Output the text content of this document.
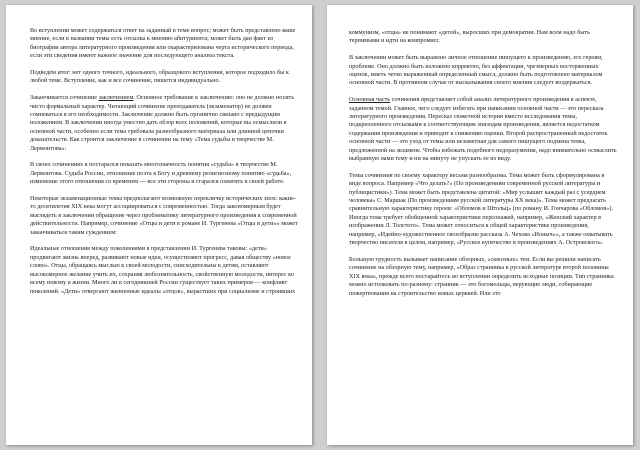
Во вступлении может содержаться ответ на заданный в теме вопрос; может быть представлено ваше мнение, если в названии темы есть отсылка к мнению абитуриента; может быть дан факт из биографии автора литературного произведения или охарактеризована черта исторического периода, если эти сведения имеют важное значение для последующего анализа текста.

Подведём итог: нет одного точного, идеального, образцового вступления, которое подходило бы к любой теме. Вступление, как и все сочинение, пишется индивидуально.

Заканчивается сочинение заключением. Основное требование к заключению: оно не должно носить чисто формальный характер. Читающий сочинение преподаватель (экзаменатор) не должен сомневаться в его необходимости. Заключение должно быть органично связано с предыдущим изложением. В заключении иногда уместно дать обзор всех положений, которые вы осмыслили в основной части, особенно если тема требовала разнообразного материала или длинной цепочки доказательств. Как строится заключение в сочинении на тему «Тема судьбы в творчестве М. Лермонтова»:

В своих сочинениях я постарался показать многозначность понятия «судьба» в творчестве М. Лермонтова. Судьба России, отношение поэта к Богу и древнему религиозному понятию «судьба», изменение этого отношения со временем — все эти стороны я старался охватить в своей работе.

Некоторые экзаменационные темы предполагают возможную перекличку исторических эпох: какие-то десятилетия XIX века могут ассоциироваться с современностью. Тогда закономерным будет выглядеть в заключении обращение через проблематику литературного произведения к современной действительности. Например, сочинение «Отцы и дети в романе И. Тургенева «Отцы и дети»» может заканчиваться таким суждением:

Идеальные отношения между поколениями в представлении И. Тургенева таковы: «дети» продвигают жизнь вперед, развивают новые идеи, осуществляют прогресс, давая обществу «новое слово». Отцы, обращаясь мыслью к своей молодости, снисходительны к детям, оставляют высокомерное желание учить их, сохраняя любознательность, свойственную молодости, интерес ко всему новому в жизни. Много ли в сегодняшней России существует таких примеров — конфликт поколений. «Дети» отвергают жизненные идеалы «отцов», вырастших при социализме и строивших

коммунизм, «отцы» не понимают «детей», выросших при демократии. Нам всем надо быть терпимыми и идти на компромисс.

В заключении может быть выражено личное отношение пишущего к произведению, его героям, проблеме. Оно должно быть изложено корректно, без аффектации, чрезмерных восторженных оценок, иметь четко выраженный определенный смысл, должно быть подготовлено материалом основной части. В противном случае от высказывания своего мнения следует воздержаться.

Основная часть сочинения представляет собой анализ литературного произведения в аспекте, заданном темой. Главное, чего следует избегать при написании основной части — это пересказа литературного произведения. Пересказ сюжетной истории вместо исследования темы, подкрепленного отсылками к соответствующим эпизодам произведения, является недостатком содержания произведения и приводит к снижению оценки. Второй распространенный недостаток основной части — это уход от темы или незаметная для самого пишущего подмена темы, предложенной на экзамене. Чтобы избежать подобного недоразумения, надо внимательно осмыслить выбранную вами тему и ни на минуту не упускать ее из виду.

Темы сочинения по своему характеру весьма разнообразны. Тема может быть сформулирована в виде вопроса. Например «Что делать?» (По произведениям современной русской литературы и публицистики»). Тема может быть представлена цитатой: «Мир услышит каждый раз с усердием человека» С. Маршак (По произведениям русской литературы XX века)». Тема может предлагать сравнительную характеристику героев: «Обломов и Штольц» (по роману И. Гончарова «Обломов»). Иногда тема требует обобщенной характеристики персонажей, например, «Женский характер в изображении Л. Толстого». Тема может относиться к общей характеристике произведения, например, «Идейно-художественное своеобразие рассказа А. Чехова «Ионыч»», а также охватывать творчество писателя в целом, например, «Русское купечество в произведениях А. Островского».

Большую трудность вызывает написание обзорных, «сквозных» тем. Если вы решили написать сочинение на обзорную тему, например, «Образ странника в русской литературе второй половины XIX века», прежде всего постарайтесь во вступлении определить исходные позиции. Тип странника можно истолковать по-разному: странник — это богомольцы, верующие люди, собирающие пожертвования на строительство новых церквей. Или это
